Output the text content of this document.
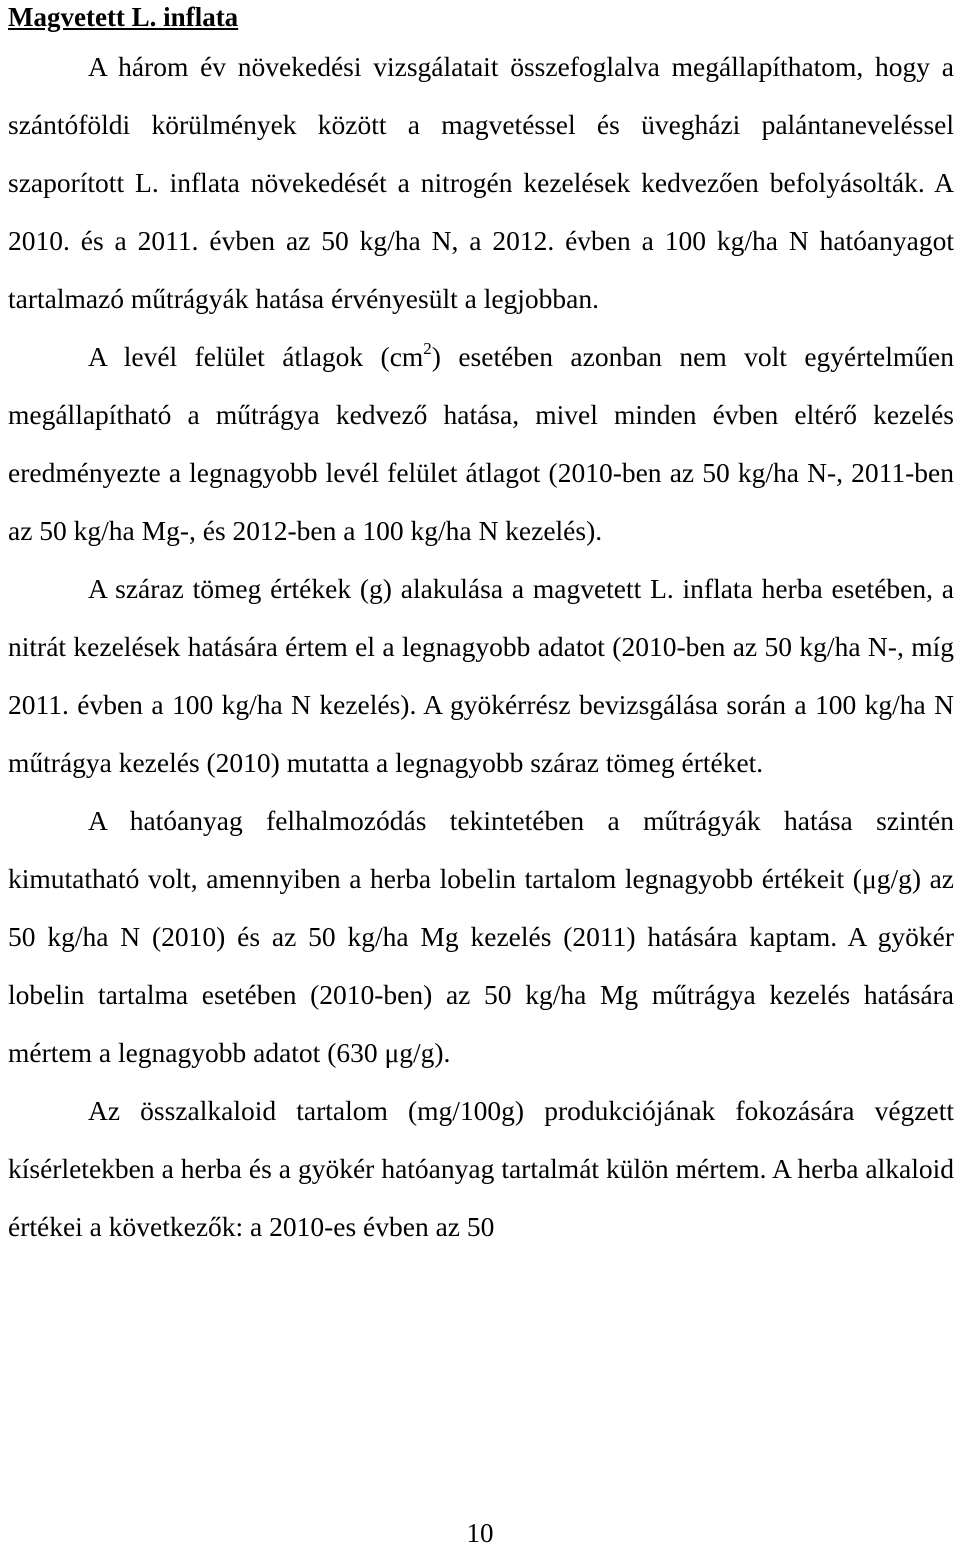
Magvetett L. inflata

A három év növekedési vizsgálatait összefoglalva megállapíthatom, hogy a szántóföldi körülmények között a magvetéssel és üvegházi palántaneveléssel szaporított L. inflata növekedését a nitrogén kezelések kedvezően befolyásolták. A 2010. és a 2011. évben az 50 kg/ha N, a 2012. évben a 100 kg/ha N hatóanyagot tartalmazó műtrágyák hatása érvényesült a legjobban.

A levél felület átlagok $(cm^2)$ esetében azonban nem volt egyértelműen megállapítható a műtrágya kedvező hatása, mivel minden évben eltérő kezelés eredményezte a legnagyobb levél felület átlagot (2010-ben az 50 kg/ha N-, 2011-ben az 50 kg/ha Mg-, és 2012-ben a 100 kg/ha N kezelés).

A száraz tömeg értékek (g) alakulása a magvetett L. inflata herba esetében, a nitrát kezelések hatására értem el a legnagyobb adatot (2010-ben az 50 kg/ha N-, míg 2011. évben a 100 kg/ha N kezelés). A gyökérrész bevizsgálása során a 100 kg/ha N műtrágya kezelés (2010) mutatta a legnagyobb száraz tömeg értéket.

A hatóanyag felhalmozódás tekintetében a műtrágyák hatása szintén kimutatható volt, amennyiben a herba lobelin tartalom legnagyobb értékeit (μg/g) az 50 kg/ha N (2010) és az 50 kg/ha Mg kezelés (2011) hatására kaptam. A gyökér lobelin tartalma esetében (2010-ben) az 50 kg/ha Mg műtrágya kezelés hatására mértem a legnagyobb adatot (630 μg/g).

Az összalkaloid tartalom (mg/100g) produkciójának fokozására végzett kísérletekben a herba és a gyökér hatóanyag tartalmát külön mértem. A herba alkaloid értékei a következők: a 2010-es évben az 50

10
